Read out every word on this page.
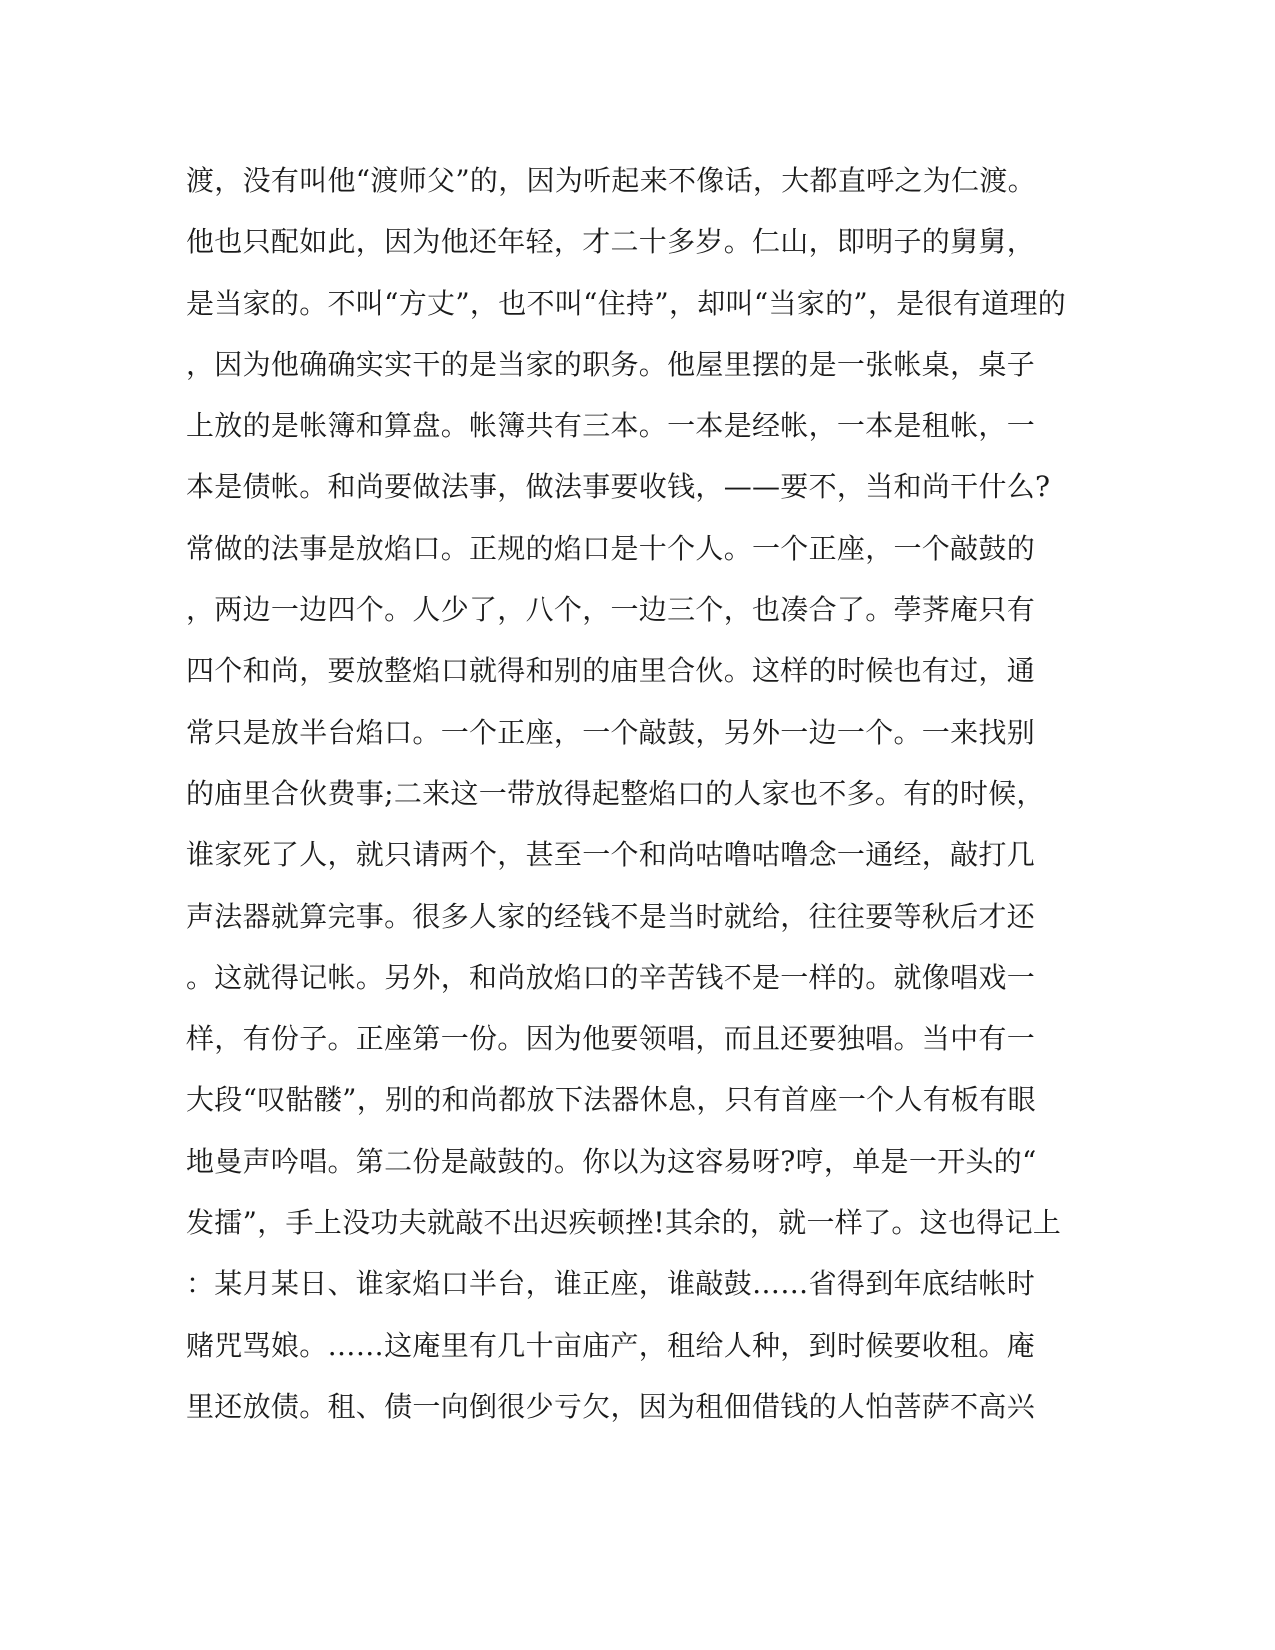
渡，没有叫他“渡师父”的，因为听起来不像话，大都直呼之为仁渡。
他也只配如此，因为他还年轻，才二十多岁。仁山，即明子的舅舅，
是当家的。不叫“方丈”，也不叫“住持”，却叫“当家的”，是很有道理的
，因为他确确实实干的是当家的职务。他屋里摆的是一张帐桌，桌子
上放的是帐簿和算盘。帐簿共有三本。一本是经帐，一本是租帐，一
本是债帐。和尚要做法事，做法事要收钱，——要不，当和尚干什么?
常做的法事是放焰口。正规的焰口是十个人。一个正座，一个敲鼓的
，两边一边四个。人少了，八个，一边三个，也凑合了。荸荠庵只有
四个和尚，要放整焰口就得和别的庙里合伙。这样的时候也有过，通
常只是放半台焰口。一个正座，一个敲鼓，另外一边一个。一来找别
的庙里合伙费事;二来这一带放得起整焰口的人家也不多。有的时候，
谁家死了人，就只请两个，甚至一个和尚咕噜咕噜念一通经，敲打几
声法器就算完事。很多人家的经钱不是当时就给，往往要等秋后才还
。这就得记帐。另外，和尚放焰口的辛苦钱不是一样的。就像唱戏一
样，有份子。正座第一份。因为他要领唱，而且还要独唱。当中有一
大段“叹骷髅”，别的和尚都放下法器休息，只有首座一个人有板有眼
地曼声吟唱。第二份是敲鼓的。你以为这容易呀?哼，单是一开头的“
发擂”，手上没功夫就敲不出迟疾顿挫!其余的，就一样了。这也得记上
：某月某日、谁家焰口半台，谁正座，谁敲鼓……省得到年底结帐时
赌咒骂娘。……这庵里有几十亩庙产，租给人种，到时候要收租。庵
里还放债。租、债一向倒很少亏欠，因为租佃借钱的人怕菩萨不高兴
